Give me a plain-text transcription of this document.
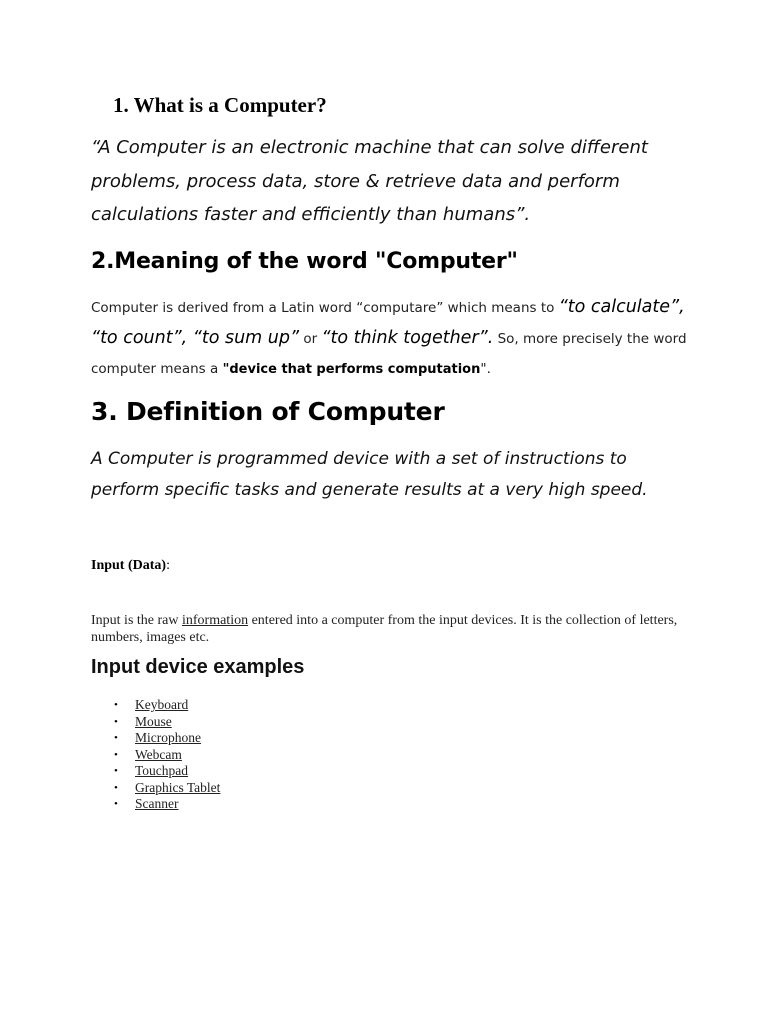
1. What is a Computer?

“A Computer is an electronic machine that can solve different problems, process data, store & retrieve data and perform calculations faster and efficiently than humans”.

2.Meaning of the word "Computer"

Computer is derived from a Latin word “computare” which means to “to calculate”, “to count”, “to sum up” or “to think together”. So, more precisely the word computer means a "device that performs computation".

3. Definition of Computer

A Computer is programmed device with a set of instructions to perform specific tasks and generate results at a very high speed.

Input (Data):

Input is the raw information entered into a computer from the input devices. It is the collection of letters, numbers, images etc.

Input device examples
• Keyboard
• Mouse
• Microphone
• Webcam
• Touchpad
• Graphics Tablet
• Scanner
